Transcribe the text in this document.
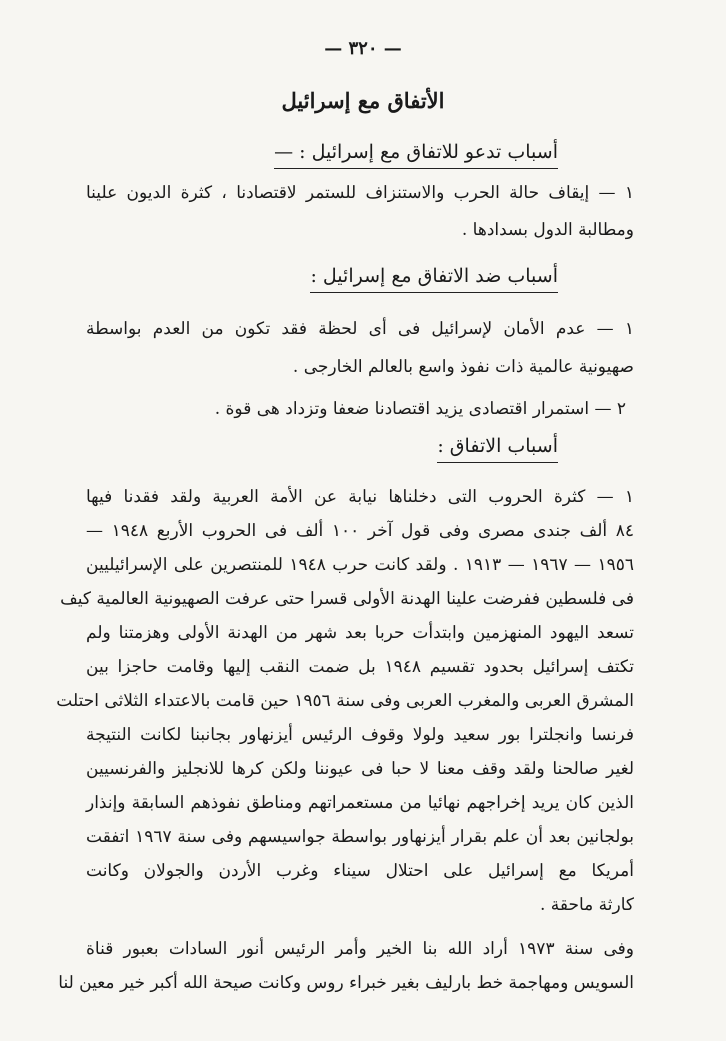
— ٣٢٠ —
الأتفاق مع إسرائيل
أسباب تدعو للاتفاق مع إسرائيل : —
١ — إيقاف حالة الحرب والاستنزاف للستمر لاقتصادنا ، كثرة الديون علينا
ومطالبة الدول بسدادها .
أسباب ضد الاتفاق مع إسرائيل :
١ — عدم الأمان لإسرائيل فى أى لحظة فقد تكون من العدم بواسطة
صهيونية عالمية ذات نفوذ واسع بالعالم الخارجى .
٢ — استمرار اقتصادى يزيد اقتصادنا ضعفا وتزداد هى قوة .
أسباب الاتفاق :
١ — كثرة الحروب التى دخلناها نيابة عن الأمة العربية ولقد فقدنا فيها
٨٤ ألف جندى مصرى وفى قول آخر ١٠٠ ألف فى الحروب الأربع ١٩٤٨ —
١٩٥٦ — ١٩٦٧ — ١٩١٣ . ولقد كانت حرب ١٩٤٨ للمنتصرين على الإسرائيليين
فى فلسطين ففرضت علينا الهدنة الأولى قسرا حتى عرفت الصهيونية العالمية كيف
تسعد اليهود المنهزمين وابتدأت حربا بعد شهر من الهدنة الأولى وهزمتنا ولم
تكتف إسرائيل بحدود تقسيم ١٩٤٨ بل ضمت النقب إليها وقامت حاجزا بين
المشرق العربى والمغرب العربى وفى سنة ١٩٥٦ حين قامت بالاعتداء الثلاثى احتلت
فرنسا وانجلترا بور سعيد ولولا وقوف الرئيس أيزنهاور بجانبنا لكانت النتيجة
لغير صالحنا ولقد وقف معنا لا حبا فى عيوننا ولكن كرها للانجليز والفرنسيين
الذين كان يريد إخراجهم نهائيا من مستعمراتهم ومناطق نفوذهم السابقة وإنذار
بولجانين بعد أن علم بقرار أيزنهاور بواسطة جواسيسهم وفى سنة ١٩٦٧ اتفقت
أمريكا مع إسرائيل على احتلال سيناء وغرب الأردن والجولان وكانت
كارثة ماحقة .
وفى سنة ١٩٧٣ أراد الله بنا الخير وأمر الرئيس أنور السادات بعبور قناة
السويس ومهاجمة خط بارليف بغير خبراء روس وكانت صيحة الله أكبر خير معين لنا
